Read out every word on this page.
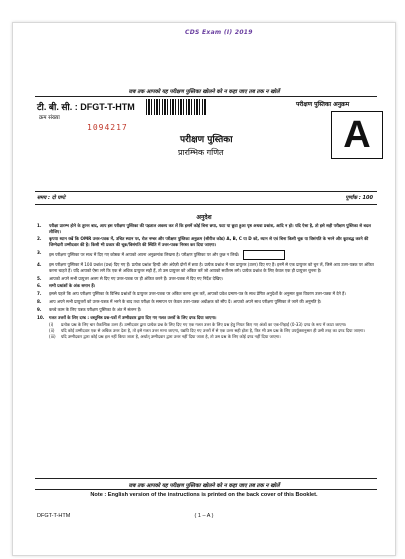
CDS Exam (I) 2019
जब तक आपको यह परीक्षण पुस्तिका खोलने को न कहा जाए तब तक न खोलें
टी. बी. सी. : DFGT-T-HTM
क्रम संख्या
परीक्षण पुस्तिका अनुक्रम
A
1094217
परीक्षण पुस्तिका
प्रारम्भिक गणित
समय : दो घण्टे	पूर्णांक : 100
अनुदेश
1.	परीक्षा प्रारम्भ होने के तुरन्त बाद, आप इस परीक्षण पुस्तिका की पड़ताल अवश्य कर लें कि इसमें कोई बिना छपा, फटा या छूटा हुआ पृष्ठ अथवा प्रश्नांश, आदि न हो। यदि ऐसा है, तो इसे सही परीक्षण पुस्तिका से बदल लीजिए।
2.	कृपया ध्यान रखें कि OMR उत्तर-पत्रक में, उचित स्थान पर, रोल नम्बर और परीक्षण पुस्तिका अनुक्रम (सीरीज कोड) A, B, C या D को, ध्यान से एवं बिना किसी चूक या विसंगति के भरने और कूटबद्ध करने की जिम्मेदारी उम्मीदवार की है। किसी भी प्रकार की चूक/विसंगति की स्थिति में उत्तर-पत्रक निरस्त कर दिया जाएगा।
3.	इस परीक्षण पुस्तिका पर साथ में दिए गए कोष्ठक में आपको अपना अनुक्रमांक लिखना है। परीक्षण पुस्तिका पर और कुछ न लिखें।
4.	इस परीक्षण पुस्तिका में 100 प्रश्नांश (प्रश्न) दिए गए हैं। प्रत्येक प्रश्नांश हिन्दी और अंग्रेज़ी दोनों में छपा है। प्रत्येक प्रश्नांश में चार प्रत्युत्तर (उत्तर) दिए गए हैं। इनमें से एक प्रत्युत्तर को चुन लें, जिसे आप उत्तर-पत्रक पर अंकित करना चाहते हैं। यदि आपको ऐसा लगे कि एक से अधिक प्रत्युत्तर सही हैं, तो उस प्रत्युत्तर को अंकित करें जो आपको सर्वोत्तम लगे। प्रत्येक प्रश्नांश के लिए केवल एक ही प्रत्युत्तर चुनना है।
5.	आपको अपने सभी प्रत्युत्तर अलग से दिए गए उत्तर-पत्रक पर ही अंकित करने हैं। उत्तर-पत्रक में दिए गए निर्देश देखिए।
6.	सभी प्रश्नांशों के अंक समान हैं।
7.	इससे पहले कि आप परीक्षण पुस्तिका के विभिन्न प्रश्नांशों के प्रत्युत्तर उत्तर-पत्रक पर अंकित करना शुरू करें, आपको प्रवेश प्रमाण-पत्र के साथ प्रेषित अनुदेशों के अनुसार कुछ विवरण उत्तर-पत्रक में देने हैं।
8.	आप अपने सभी प्रत्युत्तरों को उत्तर-पत्रक में भरने के बाद तथा परीक्षा के समापन पर केवल उत्तर-पत्रक अधीक्षक को सौंप दें। आपको अपने साथ परीक्षण पुस्तिका ले जाने की अनुमति है।
9.	कच्चे काम के लिए पत्रक परीक्षण पुस्तिका के अंत में संलग्न हैं।
10.	गलत उत्तरों के लिए दण्ड : वस्तुनिष्ठ प्रश्न-पत्रों में उम्मीदवार द्वारा दिए गए गलत उत्तरों के लिए दण्ड दिया जाएगा।
(i)	प्रत्येक प्रश्न के लिए चार वैकल्पिक उत्तर हैं। उम्मीदवार द्वारा प्रत्येक प्रश्न के लिए दिए गए एक गलत उत्तर के लिए प्रश्न हेतु नियत किए गए अंकों का एक-तिहाई (0·33) दण्ड के रूप में काटा जाएगा।
(ii)	यदि कोई उम्मीदवार एक से अधिक उत्तर देता है, तो इसे गलत उत्तर माना जाएगा, यद्यपि दिए गए उत्तरों में से एक उत्तर सही होता है, फिर भी उस प्रश्न के लिए उपर्युक्तानुसार ही उसी तरह का दण्ड दिया जाएगा।
(iii)	यदि उम्मीदवार द्वारा कोई प्रश्न हल नहीं किया जाता है, अर्थात् उम्मीदवार द्वारा उत्तर नहीं दिया जाता है, तो उस प्रश्न के लिए कोई दण्ड नहीं दिया जाएगा।
जब तक आपको यह परीक्षण पुस्तिका खोलने को न कहा जाए तब तक न खोलें
Note : English version of the instructions is printed on the back cover of this Booklet.
DFGT-T-HTM	( 1 – A )
